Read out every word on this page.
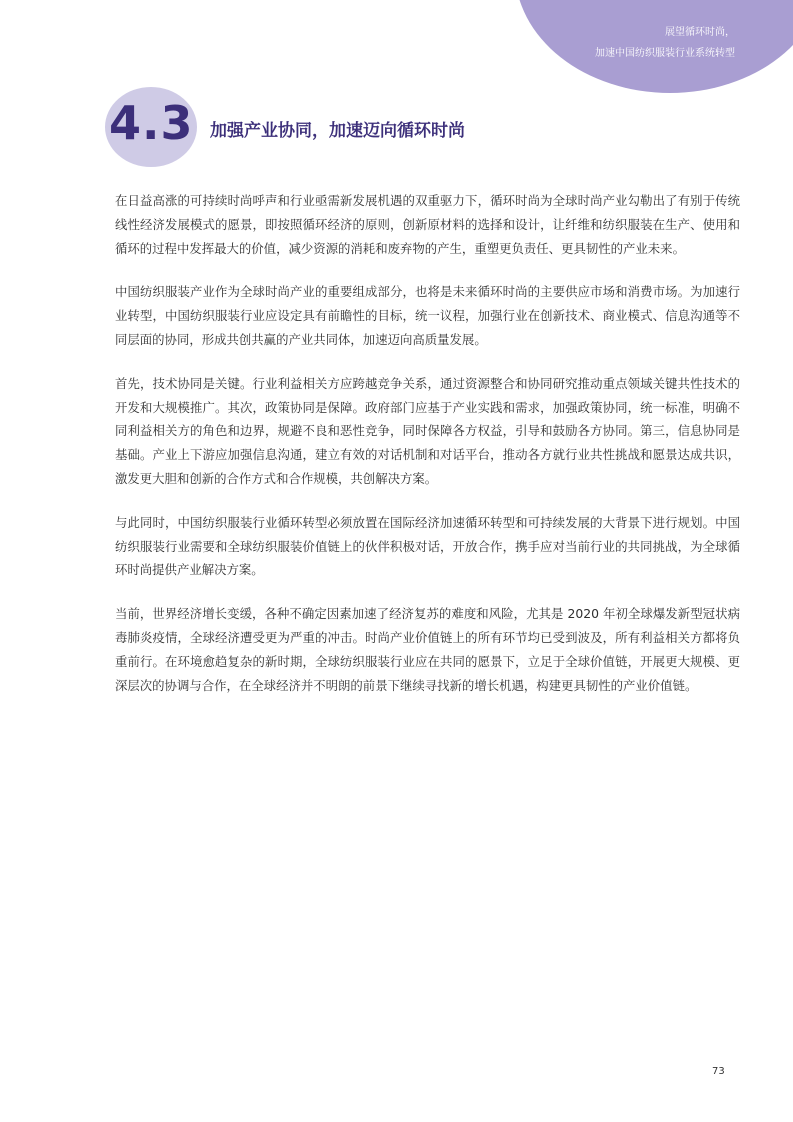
展望循环时尚，
加速中国纺织服装行业系统转型
4.3 加强产业协同，加速迈向循环时尚

在日益高涨的可持续时尚呼声和行业亟需新发展机遇的双重驱力下，循环时尚为全球时尚产业勾勒出了有别于传统线性经济发展模式的愿景，即按照循环经济的原则，创新原材料的选择和设计，让纤维和纺织服装在生产、使用和循环的过程中发挥最大的价值，减少资源的消耗和废弃物的产生，重塑更负责任、更具韧性的产业未来。

中国纺织服装产业作为全球时尚产业的重要组成部分，也将是未来循环时尚的主要供应市场和消费市场。为加速行业转型，中国纺织服装行业应设定具有前瞻性的目标，统一议程，加强行业在创新技术、商业模式、信息沟通等不同层面的协同，形成共创共赢的产业共同体，加速迈向高质量发展。

首先，技术协同是关键。行业利益相关方应跨越竞争关系，通过资源整合和协同研究推动重点领域关键共性技术的开发和大规模推广。其次，政策协同是保障。政府部门应基于产业实践和需求，加强政策协同，统一标准，明确不同利益相关方的角色和边界，规避不良和恶性竞争，同时保障各方权益，引导和鼓励各方协同。第三，信息协同是基础。产业上下游应加强信息沟通，建立有效的对话机制和对话平台，推动各方就行业共性挑战和愿景达成共识，激发更大胆和创新的合作方式和合作规模，共创解决方案。

与此同时，中国纺织服装行业循环转型必须放置在国际经济加速循环转型和可持续发展的大背景下进行规划。中国纺织服装行业需要和全球纺织服装价值链上的伙伴积极对话，开放合作，携手应对当前行业的共同挑战，为全球循环时尚提供产业解决方案。

当前，世界经济增长变缓，各种不确定因素加速了经济复苏的难度和风险，尤其是 2020 年初全球爆发新型冠状病毒肺炎疫情，全球经济遭受更为严重的冲击。时尚产业价值链上的所有环节均已受到波及，所有利益相关方都将负重前行。在环境愈趋复杂的新时期，全球纺织服装行业应在共同的愿景下，立足于全球价值链，开展更大规模、更深层次的协调与合作，在全球经济并不明朗的前景下继续寻找新的增长机遇，构建更具韧性的产业价值链。

73
